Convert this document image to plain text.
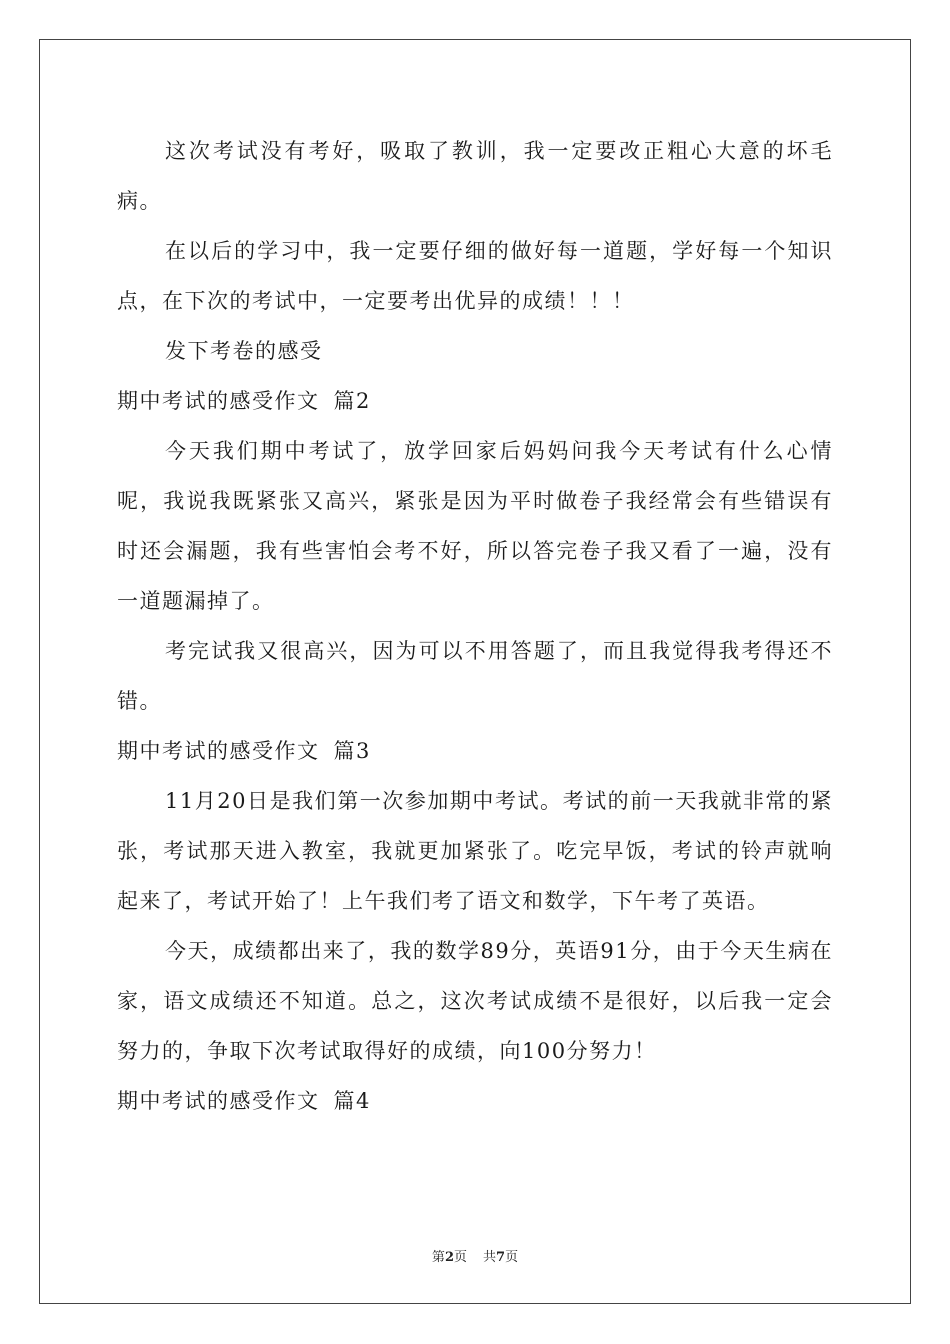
这次考试没有考好，吸取了教训，我一定要改正粗心大意的坏毛病。

在以后的学习中，我一定要仔细的做好每一道题，学好每一个知识点，在下次的考试中，一定要考出优异的成绩！！！

发下考卷的感受

期中考试的感受作文 篇2

今天我们期中考试了，放学回家后妈妈问我今天考试有什么心情呢，我说我既紧张又高兴，紧张是因为平时做卷子我经常会有些错误有时还会漏题，我有些害怕会考不好，所以答完卷子我又看了一遍，没有一道题漏掉了。

考完试我又很高兴，因为可以不用答题了，而且我觉得我考得还不错。

期中考试的感受作文 篇3

11月20日是我们第一次参加期中考试。考试的前一天我就非常的紧张，考试那天进入教室，我就更加紧张了。吃完早饭，考试的铃声就响起来了，考试开始了！上午我们考了语文和数学，下午考了英语。

今天，成绩都出来了，我的数学89分，英语91分，由于今天生病在家，语文成绩还不知道。总之，这次考试成绩不是很好，以后我一定会努力的，争取下次考试取得好的成绩，向100分努力！

期中考试的感受作文 篇4

第2页 共7页
